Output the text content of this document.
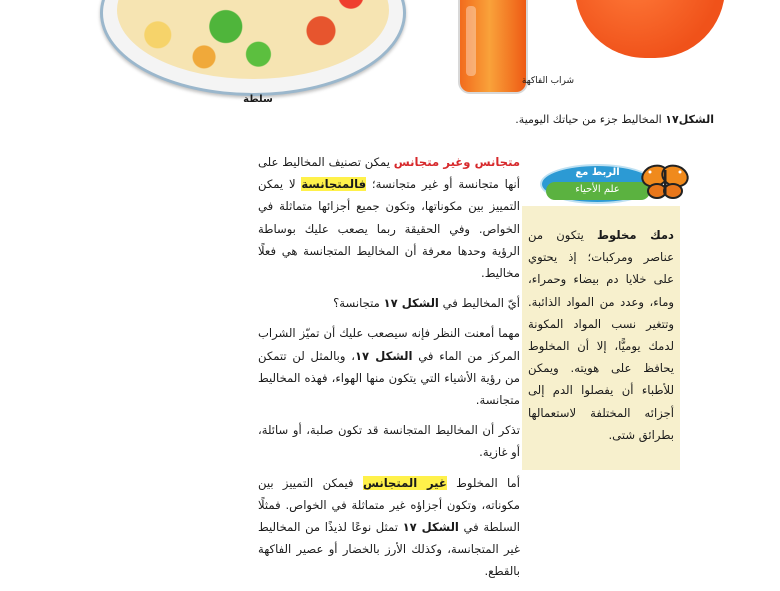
سلطة
شراب الفاكهة
الشكل١٧ المخاليط جزء من حياتك اليومية.

متجانس وغير متجانس يمكن تصنيف المخاليط على أنها متجانسة أو غير متجانسة؛ فالمتجانسة لا يمكن التمييز بين مكوناتها، وتكون جميع أجزائها متماثلة في الخواص. وفي الحقيقة ربما يصعب عليك بوساطة الرؤية وحدها معرفة أن المخاليط المتجانسة هي فعلًا مخاليط.

أيّ المخاليط في الشكل ١٧ متجانسة؟

مهما أمعنت النظر فإنه سيصعب عليك أن تميّز الشراب المركز من الماء في الشكل ١٧، وبالمثل لن تتمكن من رؤية الأشياء التي يتكون منها الهواء، فهذه المخاليط متجانسة.

تذكر أن المخاليط المتجانسة قد تكون صلبة، أو سائلة، أو غازية.

أما المخلوط غير المتجانس فيمكن التمييز بين مكوناته، وتكون أجزاؤه غير متماثلة في الخواص. فمثلًا السلطة في الشكل ١٧ تمثل نوعًا لذيذًا من المخاليط غير المتجانسة، وكذلك الأرز بالخضار أو عصير الفاكهة بالقطع.

الربط مع
علم الأحياء
دمك مخلوط يتكون من عناصر ومركبات؛ إذ يحتوي على خلايا دم بيضاء وحمراء، وماء، وعدد من المواد الذائبة. وتتغير نسب المواد المكونة لدمك يوميًّا، إلا أن المخلوط يحافظ على هويته. ويمكن للأطباء أن يفصلوا الدم إلى أجزائه المختلفة لاستعمالها بطرائق شتى.
